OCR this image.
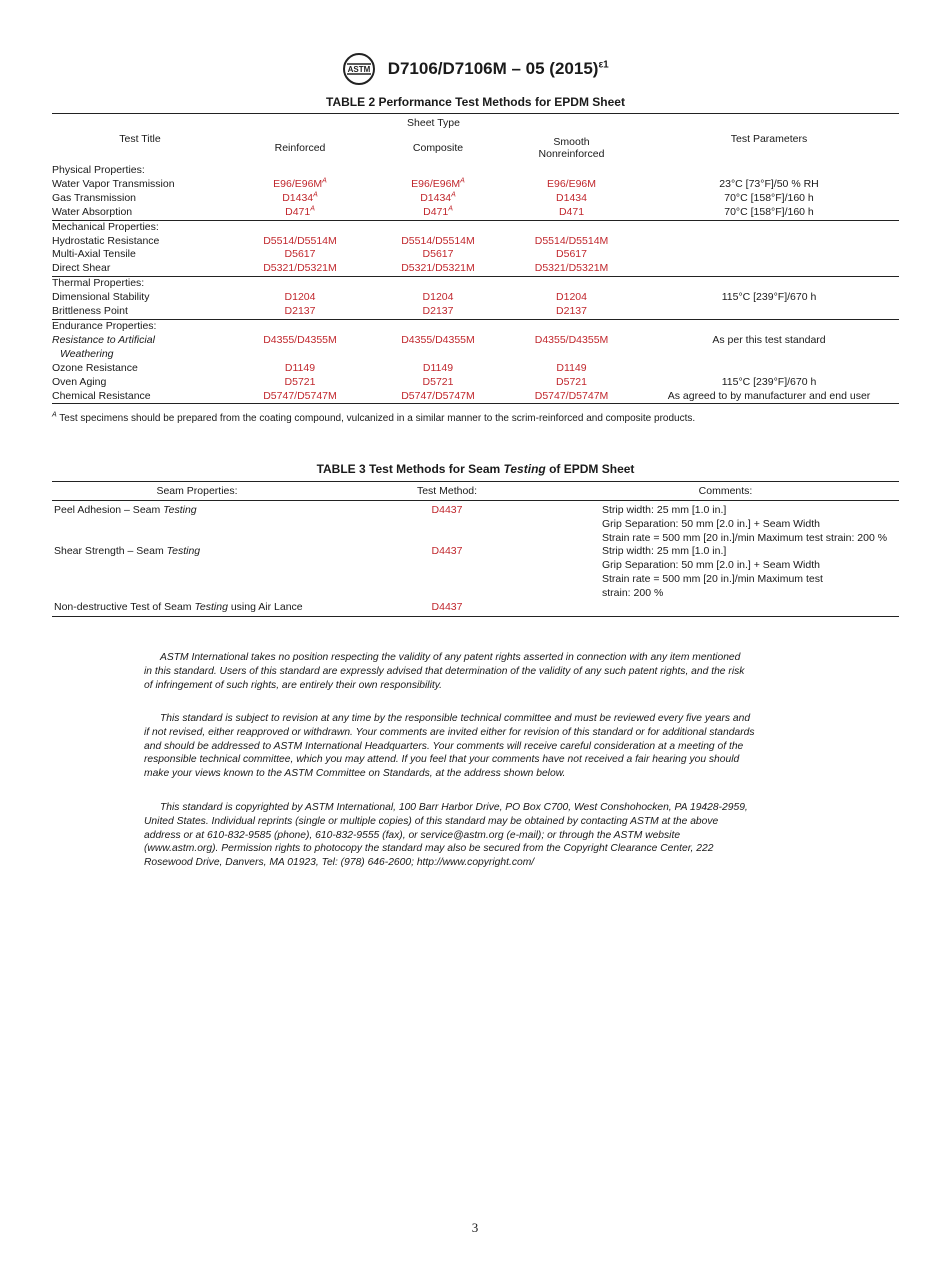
ASTM D7106/D7106M – 05 $(2015)^{\varepsilon 1}$
TABLE 2 Performance Test Methods for EPDM Sheet
Test Title	Sheet Type			Test Parameters
	Reinforced	Composite	Smooth
Nonreinforced	
Physical Properties:				
Water Vapor Transmission	$E96/E96M^A$	$E96/E96M^A$	E96/E96M	23°C [73°F]/50 % RH
Gas Transmission	$D1434^A$	$D1434^A$	D1434	70°C [158°F]/160 h
Water Absorption	$D471^A$	$D471^A$	D471	70°C [158°F]/160 h
Mechanical Properties:				
Hydrostatic Resistance	D5514/D5514M	D5514/D5514M	D5514/D5514M	
Multi-Axial Tensile	D5617	D5617	D5617	
Direct Shear	D5321/D5321M	D5321/D5321M	D5321/D5321M	
Thermal Properties:				
Dimensional Stability	D1204	D1204	D1204	115°C [239°F]/670 h
Brittleness Point	D2137	D2137	D2137	
Endurance Properties:				
Resistance to Artificial	D4355/D4355M	D4355/D4355M	D4355/D4355M	As per this test standard
Weathering				
Ozone Resistance	D1149	D1149	D1149	
Oven Aging	D5721	D5721	D5721	115°C [239°F]/670 h
Chemical Resistance	D5747/D5747M	D5747/D5747M	D5747/D5747M	As agreed to by manufacturer and end user
$^A$ Test specimens should be prepared from the coating compound, vulcanized in a similar manner to the scrim-reinforced and composite products.
TABLE 3 Test Methods for Seam Testing of EPDM Sheet
Seam Properties:	Test Method:	Comments:
Peel Adhesion – Seam Testing	D4437	Strip width: 25 mm [1.0 in.]
Grip Separation: 50 mm [2.0 in.] + Seam Width
Strain rate = 500 mm [20 in.]/min Maximum test strain: 200 %

Shear Strength – Seam Testing	D4437	Strip width: 25 mm [1.0 in.]
Grip Separation: 50 mm [2.0 in.] + Seam Width
Strain rate = 500 mm [20 in.]/min Maximum test
strain: 200 %

Non-destructive Test of Seam Testing using Air Lance	D4437	
ASTM International takes no position respecting the validity of any patent rights asserted in connection with any item mentioned
in this standard. Users of this standard are expressly advised that determination of the validity of any such patent rights, and the risk
of infringement of such rights, are entirely their own responsibility.
This standard is subject to revision at any time by the responsible technical committee and must be reviewed every five years and
if not revised, either reapproved or withdrawn. Your comments are invited either for revision of this standard or for additional standards
and should be addressed to ASTM International Headquarters. Your comments will receive careful consideration at a meeting of the
responsible technical committee, which you may attend. If you feel that your comments have not received a fair hearing you should
make your views known to the ASTM Committee on Standards, at the address shown below.
This standard is copyrighted by ASTM International, 100 Barr Harbor Drive, PO Box C700, West Conshohocken, PA 19428-2959,
United States. Individual reprints (single or multiple copies) of this standard may be obtained by contacting ASTM at the above
address or at 610-832-9585 (phone), 610-832-9555 (fax), or service@astm.org (e-mail); or through the ASTM website
(www.astm.org). Permission rights to photocopy the standard may also be secured from the Copyright Clearance Center, 222
Rosewood Drive, Danvers, MA 01923, Tel: (978) 646-2600; http://www.copyright.com/
3
